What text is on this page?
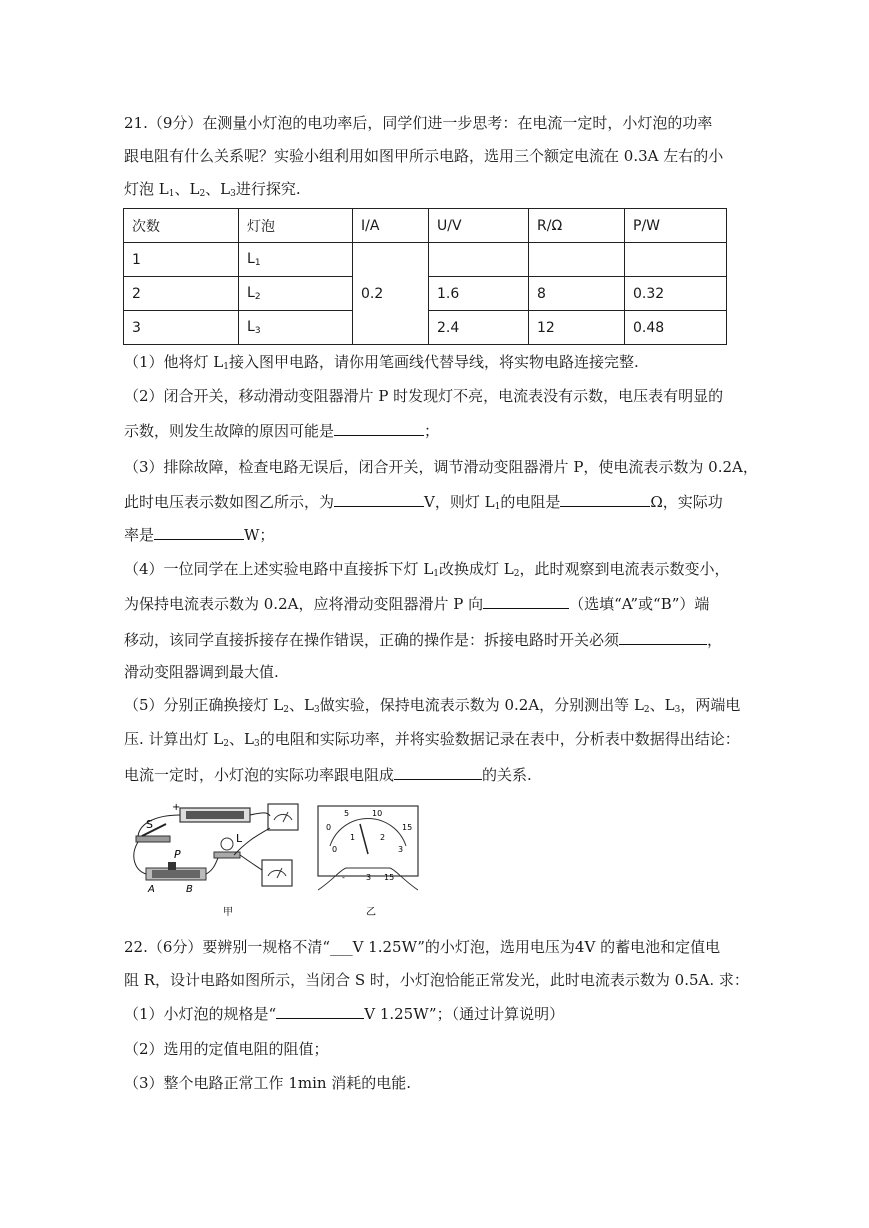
21.（9分）在测量小灯泡的电功率后，同学们进一步思考：在电流一定时，小灯泡的功率
跟电阻有什么关系呢？实验小组利用如图甲所示电路，选用三个额定电流在 0.3A 左右的小
灯泡 $L_1$、$L_2$、$L_3$进行探究.
次数	灯泡	I/A	U/V	R/Ω	P/W
1	$L_1$	0.2			
2	$L_2$		1.6	8	0.32
3	$L_3$		2.4	12	0.48
（1）他将灯 $L_1$接入图甲电路，请你用笔画线代替导线，将实物电路连接完整.
（2）闭合开关，移动滑动变阻器滑片 P 时发现灯不亮，电流表没有示数，电压表有明显的
示数，则发生故障的原因可能是	；
（3）排除故障，检查电路无误后，闭合开关，调节滑动变阻器滑片 P，使电流表示数为 0.2A，
此时电压表示数如图乙所示，为	V，则灯 $L_1$的电阻是	Ω，实际功
率是	W；
（4）一位同学在上述实验电路中直接拆下灯 $L_1$改换成灯 $L_2$，此时观察到电流表示数变小，
为保持电流表示数为 0.2A，应将滑动变阻器滑片 P 向	（选填“A”或“B”）端
移动，该同学直接拆接存在操作错误，正确的操作是：拆接电路时开关必须	，
滑动变阻器调到最大值.
（5）分别正确换接灯 $L_2$、$L_3$做实验，保持电流表示数为 0.2A，分别测出等 $L_2$、$L_3$，两端电
压. 计算出灯 $L_2$、$L_3$的电阻和实际功率，并将实验数据记录在表中，分析表中数据得出结论：
电流一定时，小灯泡的实际功率跟电阻成	的关系.
+
S
P
A	B
L
甲
0
5	10
15
0
1	2
3
-	3 15
乙
22.（6分）要辨别一规格不清“___V 1.25W”的小灯泡，选用电压为4V 的蓄电池和定值电
阻 R，设计电路如图所示，当闭合 S 时，小灯泡恰能正常发光，此时电流表示数为 0.5A. 求：
（1）小灯泡的规格是“	V 1.25W”；（通过计算说明）
（2）选用的定值电阻的阻值；
（3）整个电路正常工作 1min 消耗的电能.
